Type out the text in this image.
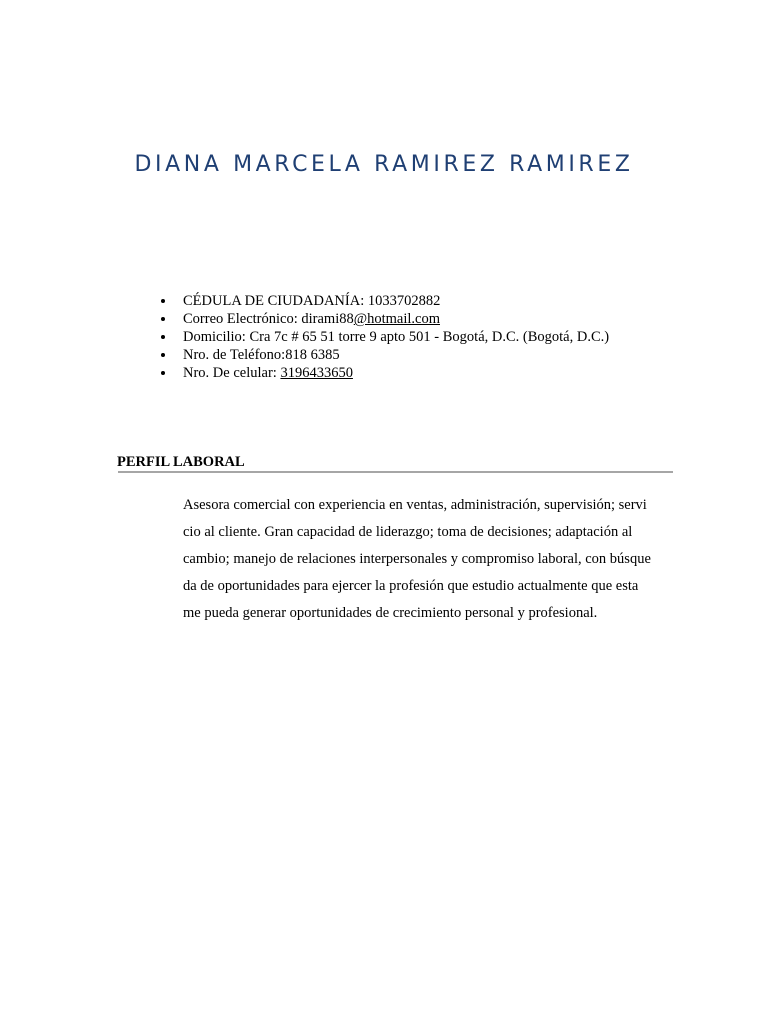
DIANA MARCELA RAMIREZ RAMIREZ
CÉDULA DE CIUDADANÍA: 1033702882
Correo Electrónico: dirami88@hotmail.com
Domicilio: Cra 7c # 65 51 torre 9 apto 501 - Bogotá, D.C. (Bogotá, D.C.)
Nro. de Teléfono:818 6385
Nro. De celular: 3196433650
PERFIL LABORAL

Asesora comercial con experiencia en ventas, administración, supervisión; servi
cio al cliente. Gran capacidad de liderazgo; toma de decisiones; adaptación al
cambio; manejo de relaciones interpersonales y compromiso laboral, con búsque
da de oportunidades para ejercer la profesión que estudio actualmente que esta
me pueda generar oportunidades de crecimiento personal y profesional.
